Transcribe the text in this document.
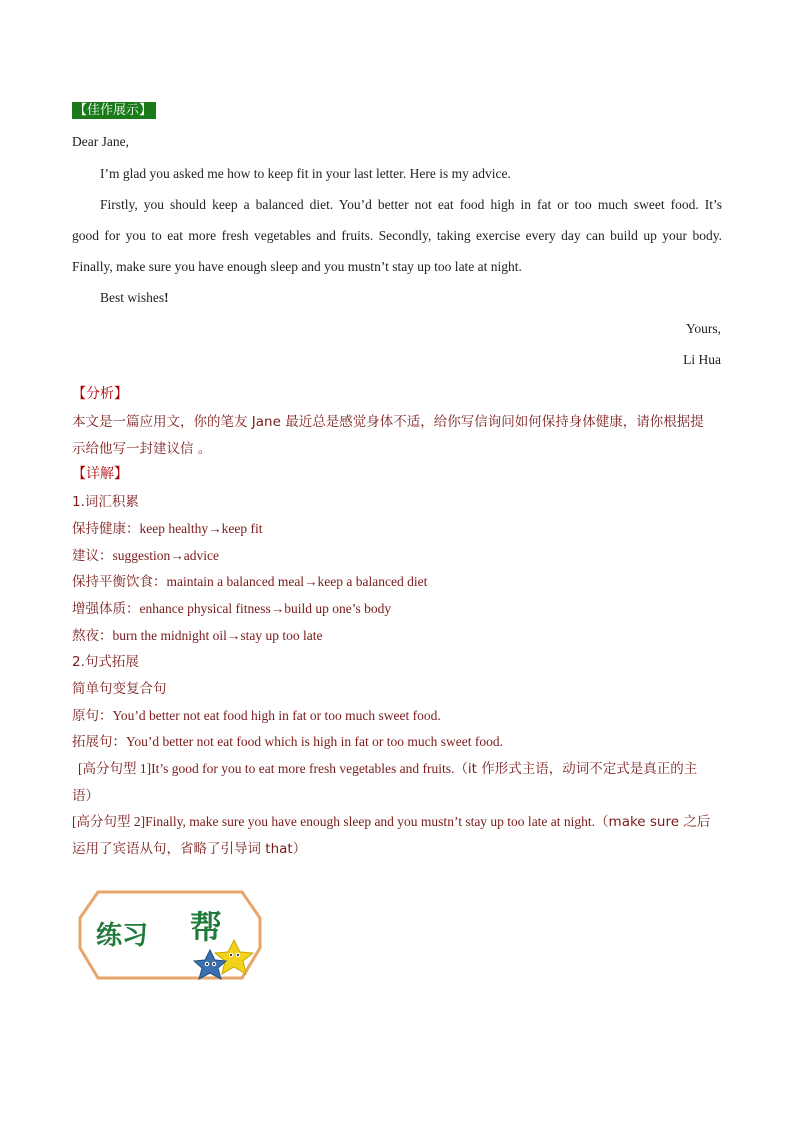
【佳作展示】
Dear Jane,
I’m glad you asked me how to keep fit in your last letter. Here is my advice.
Firstly, you should keep a balanced diet. You’d better not eat food high in fat or too much sweet food. It’s
good for you to eat more fresh vegetables and fruits. Secondly, taking exercise every day can build up your body.
Finally, make sure you have enough sleep and you mustn’t stay up too late at night.
Best wishes!
Yours,
Li Hua
【分析】
本文是一篇应用文，你的笔友 Jane 最近总是感觉身体不适，给你写信询问如何保持身体健康，请你根据提
示给他写一封建议信 。
【详解】
1.词汇积累
保持健康：keep healthy→keep fit
建议：suggestion→advice
保持平衡饮食：maintain a balanced meal→keep a balanced diet
增强体质：enhance physical fitness→build up one’s body
熬夜：burn the midnight oil→stay up too late
2.句式拓展
简单句变复合句
原句：You’d better not eat food high in fat or too much sweet food.
拓展句：You’d better not eat food which is high in fat or too much sweet food.
[高分句型 1]It’s good for you to eat more fresh vegetables and fruits.（it 作形式主语，动词不定式是真正的主
语）
[高分句型 2]Finally, make sure you have enough sleep and you mustn’t stay up too late at night.（make sure 之后
运用了宾语从句，省略了引导词 that）
练习 帮
